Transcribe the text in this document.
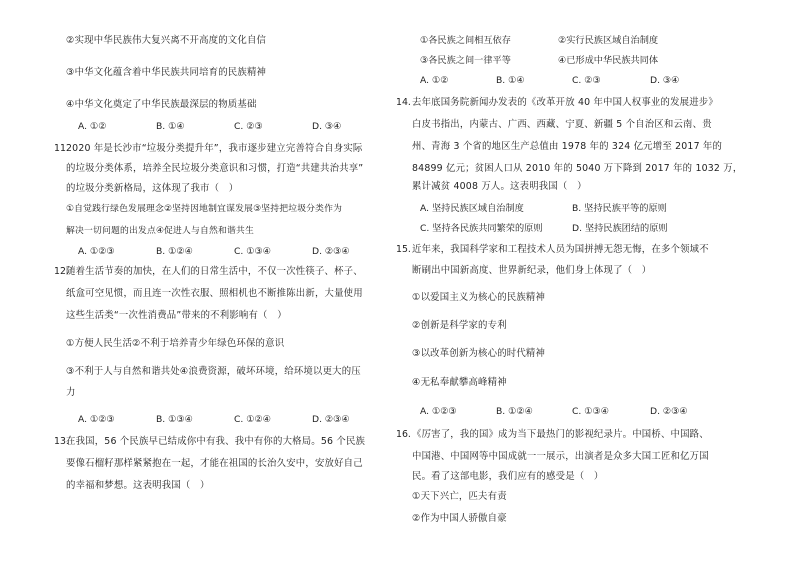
②实现中华民族伟大复兴离不开高度的文化自信
③中华文化蕴含着中华民族共同培育的民族精神
④中华文化奠定了中华民族最深层的物质基础
A. ①②	B. ①④	C. ②③	D. ③④
11.
2020 年是长沙市“垃圾分类提升年”，我市逐步建立完善符合自身实际
的垃圾分类体系，培养全民垃圾分类意识和习惯，打造“共建共治共享”
的垃圾分类新格局，这体现了我市（　）
①自觉践行绿色发展理念②坚持因地制宜谋发展③坚持把垃圾分类作为
解决一切问题的出发点④促进人与自然和谐共生
A. ①②③	B. ①②④	C. ①③④	D. ②③④
12.
随着生活节奏的加快，在人们的日常生活中，不仅一次性筷子、杯子、
纸盒可空见惯，而且连一次性衣服、照相机也不断推陈出新，大量使用
这些生活类“一次性消费品”带来的不利影响有（　）
①方便人民生活②不利于培养青少年绿色环保的意识
③不利于人与自然和谐共处④浪费资源，破坏环境，给环境以更大的压
力
A. ①②③	B. ①③④	C. ①②④	D. ②③④
13.
在我国，56 个民族早已结成你中有我、我中有你的大格局。56 个民族
要像石榴籽那样紧紧抱在一起，才能在祖国的长治久安中，安放好自己
的幸福和梦想。这表明我国（　）
①各民族之间相互依存	②实行民族区域自治制度
③各民族之间一律平等	④已形成中华民族共同体
A. ①②	B. ①④	C. ②③	D. ③④
14. 去年底国务院新闻办发表的《改革开放 40 年中国人权事业的发展进步》
白皮书指出，内蒙古、广西、西藏、宁夏、新疆 5 个自治区和云南、贵
州、青海 3 个省的地区生产总值由 1978 年的 324 亿元增至 2017 年的
84899 亿元；贫困人口从 2010 年的 5040 万下降到 2017 年的 1032 万，
累计减贫 4008 万人。这表明我国（　）
A. 坚持民族区域自治制度	B. 坚持民族平等的原则
C. 坚持各民族共同繁荣的原则	D. 坚持民族团结的原则
15. 近年来，我国科学家和工程技术人员为国拼搏无怨无悔，在多个领域不
断刷出中国新高度、世界新纪录，他们身上体现了（　）
①以爱国主义为核心的民族精神
②创新是科学家的专利
③以改革创新为核心的时代精神
④无私奉献攀高峰精神
A. ①②③	B. ①②④	C. ①③④	D. ②③④
16. 《厉害了，我的国》成为当下最热门的影视纪录片。中国桥、中国路、
中国港、中国网等中国成就一一展示，出演者是众多大国工匠和亿万国
民。看了这部电影，我们应有的感受是（　）
①天下兴亡，匹夫有责
②作为中国人骄傲自豪
